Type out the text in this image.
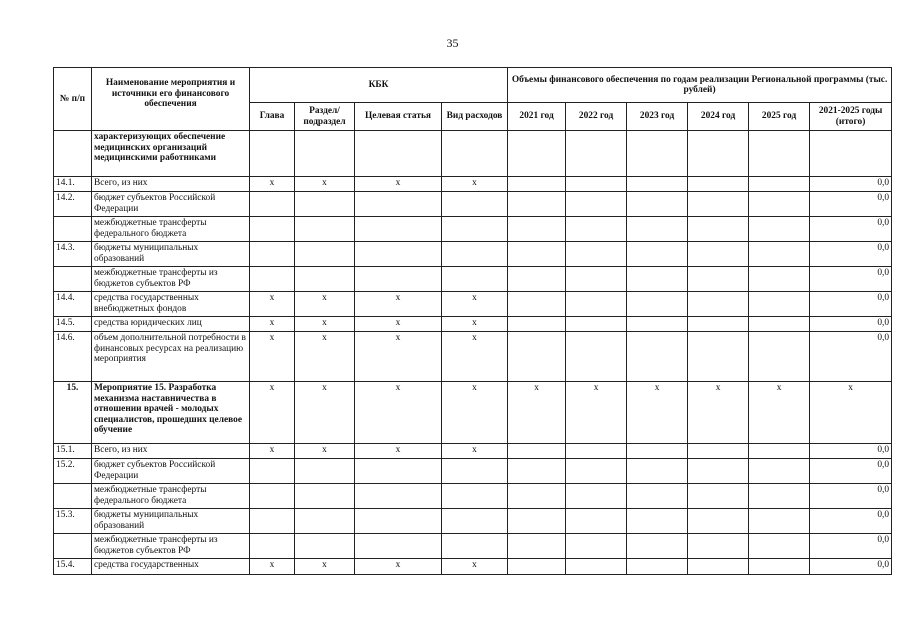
35
№ п/п	Наименование мероприятия и источники его финансового обеспечения	КБК				Объемы финансового обеспечения по годам реализации Региональной программы (тыс. рублей)					
		Глава	Раздел/ подраздел	Целевая статья	Вид расходов	2021 год	2022 год	2023 год	2024 год	2025 год	2021-2025 годы (итого)
	характеризующих обеспечение медицинских организаций медицинскими работниками										
14.1.	Всего, из них	x	x	x	x						0,0
14.2.	бюджет субъектов Российской Федерации										0,0
	межбюджетные трансферты федерального бюджета										0,0
14.3.	бюджеты муниципальных образований										0,0
	межбюджетные трансферты из бюджетов субъектов РФ										0,0
14.4.	средства государственных внебюджетных фондов	x	x	x	x						0,0
14.5.	средства юридических лиц	x	x	x	x						0,0
14.6.	объем дополнительной потребности в финансовых ресурсах на реализацию мероприятия	x	x	x	x						0,0
15.	Мероприятие 15. Разработка механизма наставничества в отношении врачей - молодых специалистов, прошедших целевое обучение	x	x	x	x	x	x	x	x	x	x
15.1.	Всего, из них	x	x	x	x						0,0
15.2.	бюджет субъектов Российской Федерации										0,0
	межбюджетные трансферты федерального бюджета										0,0
15.3.	бюджеты муниципальных образований										0,0
	межбюджетные трансферты из бюджетов субъектов РФ										0,0
15.4.	средства государственных	x	x	x	x						0,0
